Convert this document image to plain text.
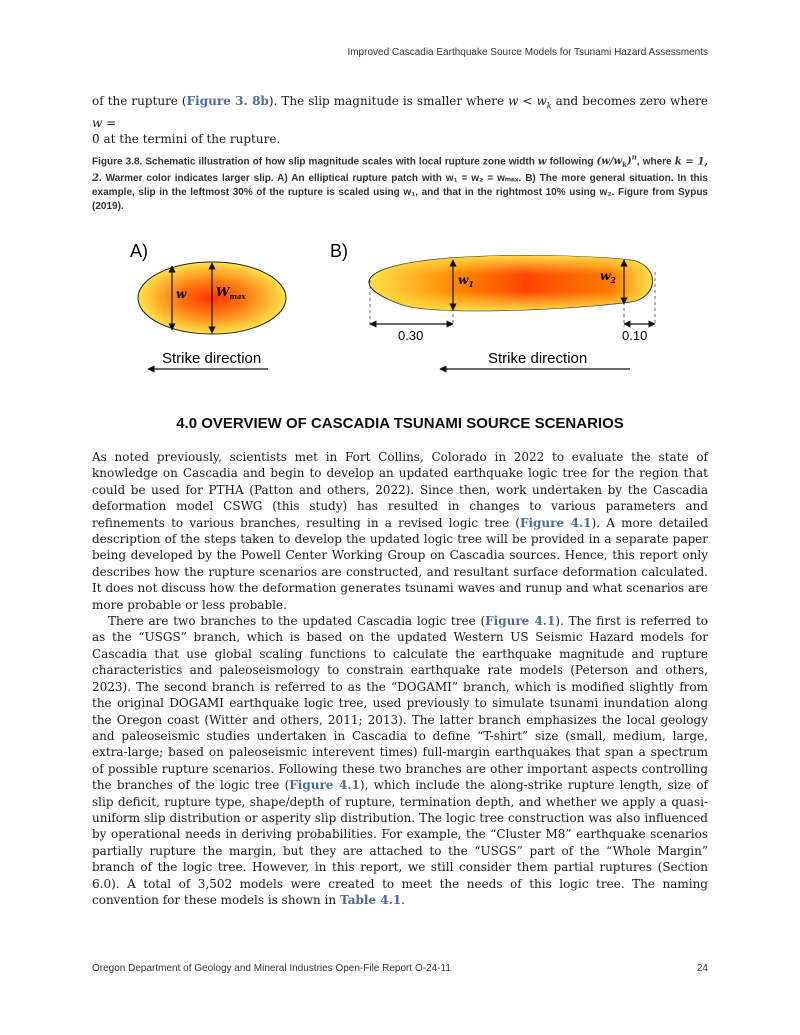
Improved Cascadia Earthquake Source Models for Tsunami Hazard Assessments

of the rupture (Figure 3. 8b). The slip magnitude is smaller where $w < w_k$ and becomes zero where w =
0 at the termini of the rupture.

Figure 3.8. Schematic illustration of how slip magnitude scales with local rupture zone width w following $(w/w_k)^n$, where k = 1, 2. Warmer color indicates larger slip. A) An elliptical rupture patch with w₁ = w₂ = wₘₐₓ. B) The more general situation. In this example, slip in the leftmost 30% of the rupture is scaled using w₁, and that in the rightmost 10% using w₂. Figure from Sypus (2019).
A)
w $W_{max}$
Strike direction
B)
$w_1$
$w_2$
0.30	0.10
Strike direction
4.0 OVERVIEW OF CASCADIA TSUNAMI SOURCE SCENARIOS

As noted previously, scientists met in Fort Collins, Colorado in 2022 to evaluate the state of knowledge on Cascadia and begin to develop an updated earthquake logic tree for the region that could be used for PTHA (Patton and others, 2022). Since then, work undertaken by the Cascadia deformation model CSWG (this study) has resulted in changes to various parameters and refinements to various branches, resulting in a revised logic tree (Figure 4.1). A more detailed description of the steps taken to develop the updated logic tree will be provided in a separate paper being developed by the Powell Center Working Group on Cascadia sources. Hence, this report only describes how the rupture scenarios are constructed, and resultant surface deformation calculated. It does not discuss how the deformation generates tsunami waves and runup and what scenarios are more probable or less probable.

There are two branches to the updated Cascadia logic tree (Figure 4.1). The first is referred to as the “USGS” branch, which is based on the updated Western US Seismic Hazard models for Cascadia that use global scaling functions to calculate the earthquake magnitude and rupture characteristics and paleoseismology to constrain earthquake rate models (Peterson and others, 2023). The second branch is referred to as the “DOGAMI” branch, which is modified slightly from the original DOGAMI earthquake logic tree, used previously to simulate tsunami inundation along the Oregon coast (Witter and others, 2011; 2013). The latter branch emphasizes the local geology and paleoseismic studies undertaken in Cascadia to define “T-shirt” size (small, medium, large, extra-large; based on paleoseismic interevent times) full-margin earthquakes that span a spectrum of possible rupture scenarios. Following these two branches are other important aspects controlling the branches of the logic tree (Figure 4.1), which include the along-strike rupture length, size of slip deficit, rupture type, shape/depth of rupture, termination depth, and whether we apply a quasi-uniform slip distribution or asperity slip distribution. The logic tree construction was also influenced by operational needs in deriving probabilities. For example, the “Cluster M8” earthquake scenarios partially rupture the margin, but they are attached to the “USGS” part of the “Whole Margin” branch of the logic tree. However, in this report, we still consider them partial ruptures (Section 6.0). A total of 3,502 models were created to meet the needs of this logic tree. The naming convention for these models is shown in Table 4.1.

Oregon Department of Geology and Mineral Industries Open-File Report O-24-11	24
